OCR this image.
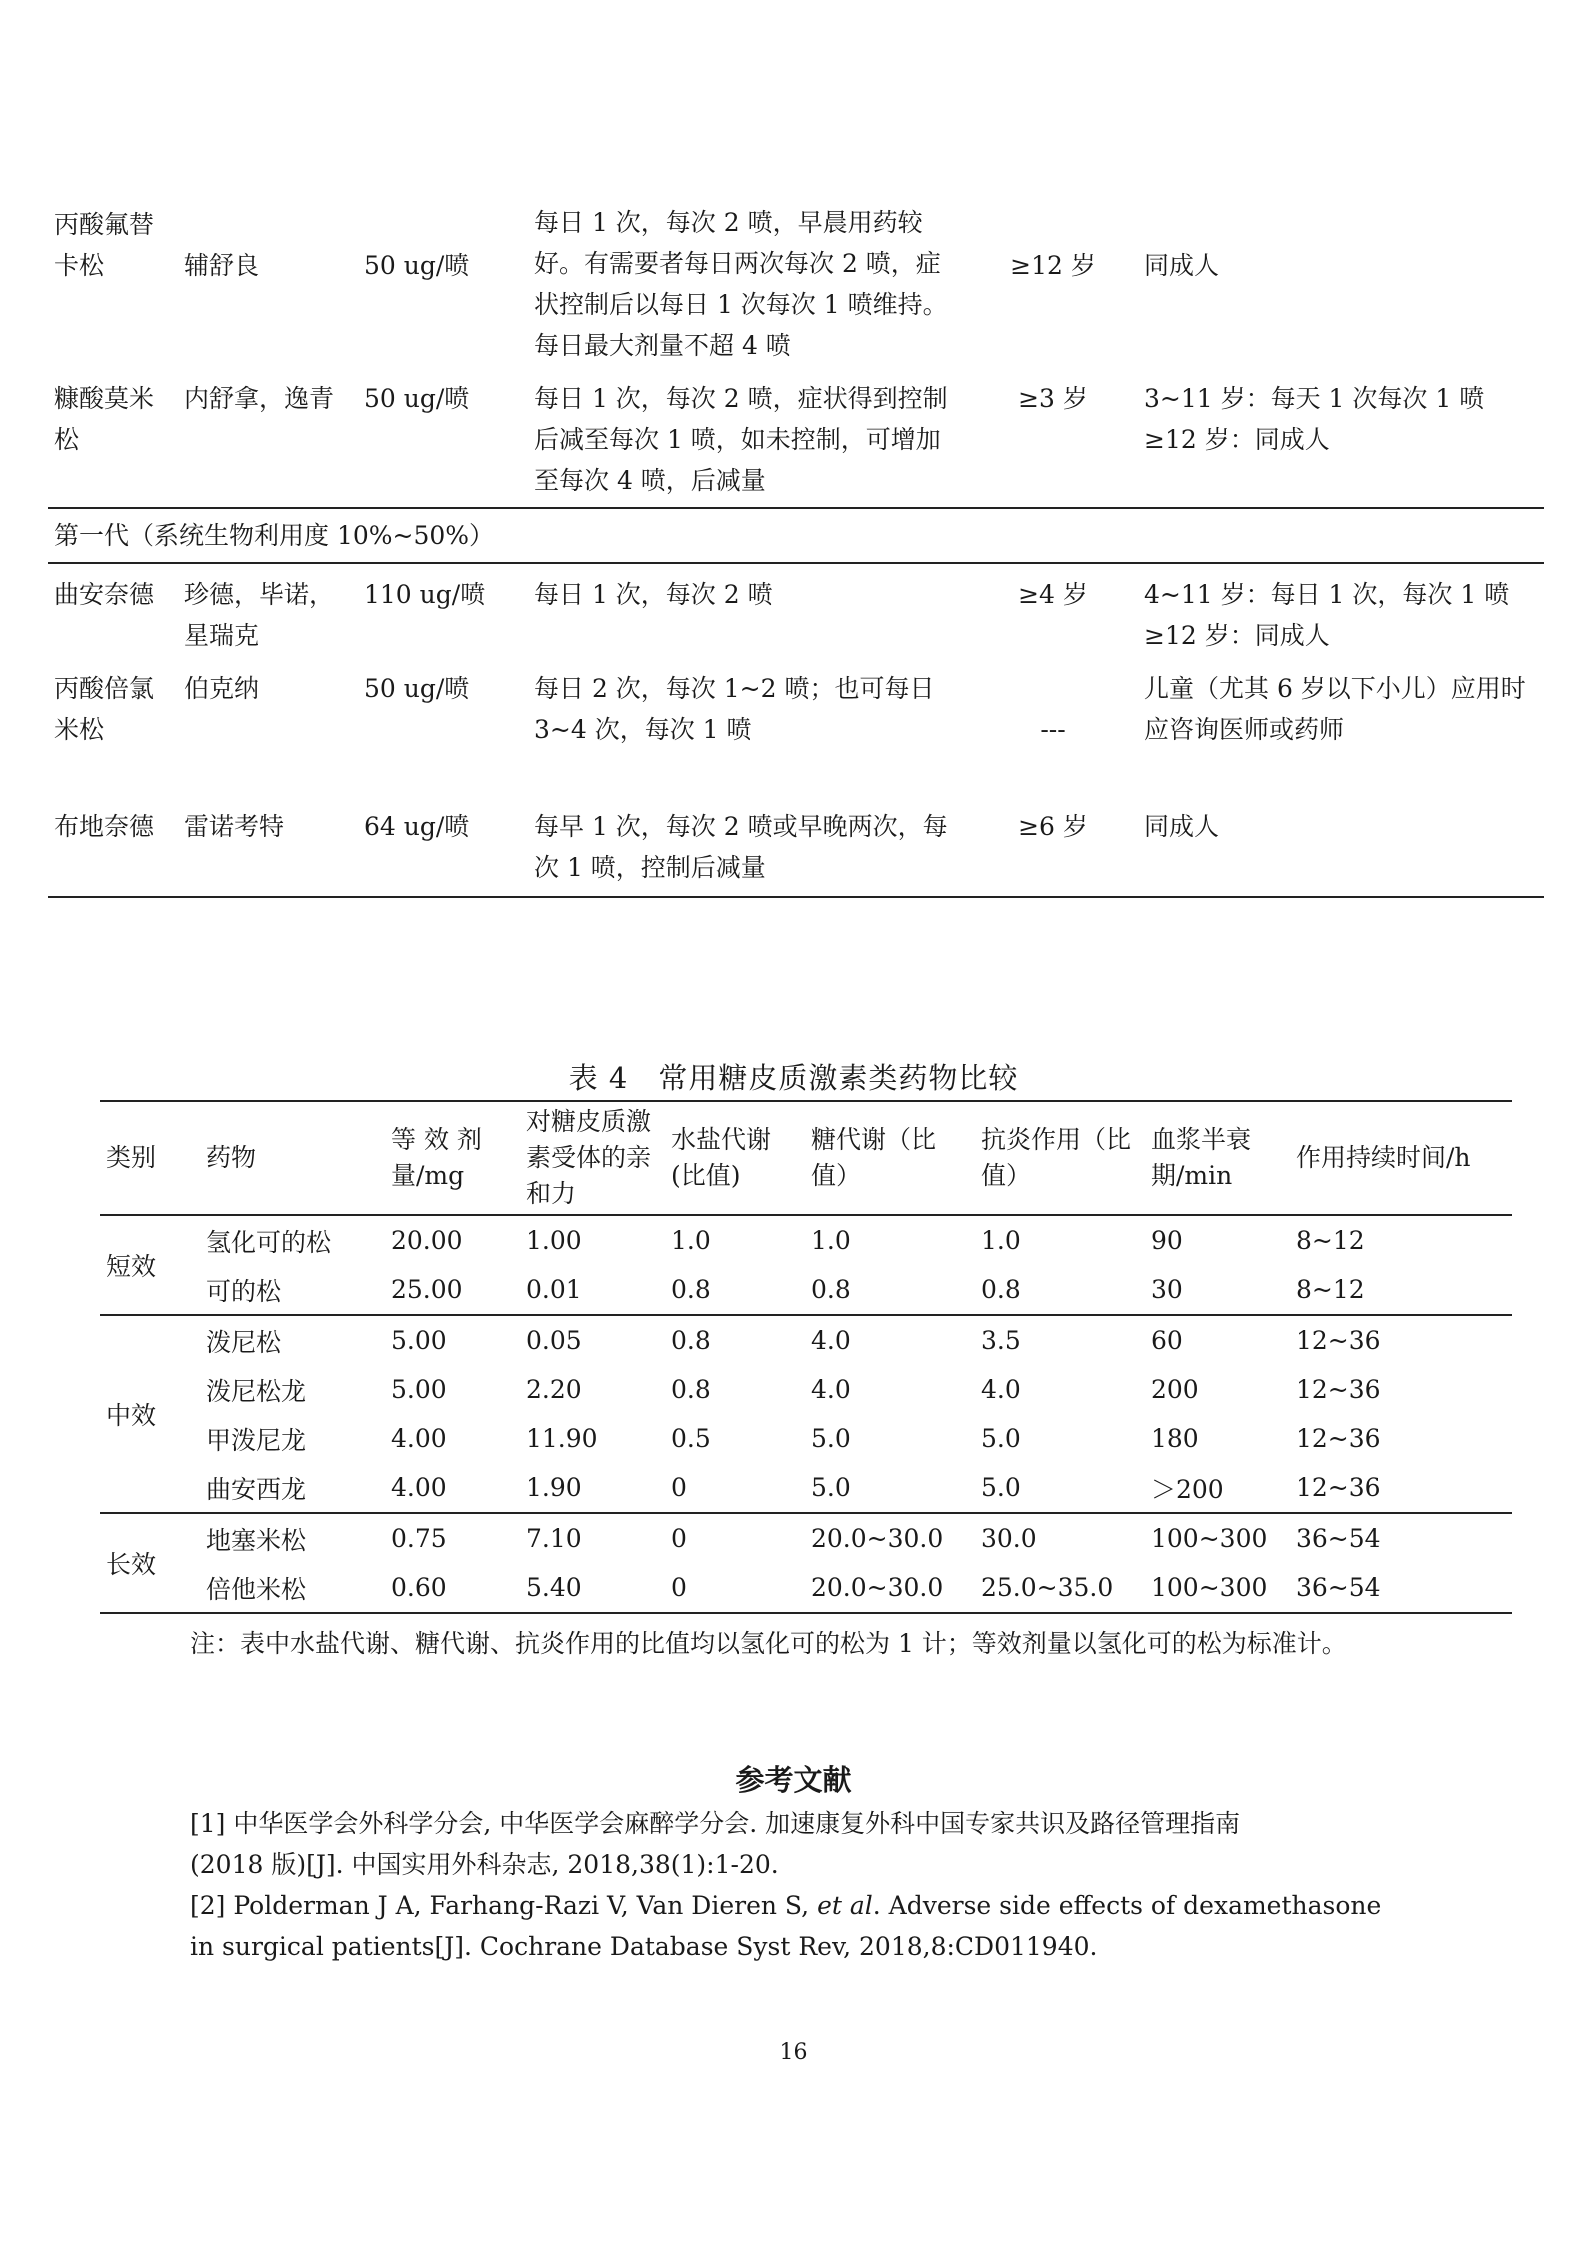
丙酸氟替卡松	辅舒良	50 ug/喷	每日 1 次，每次 2 喷，早晨用药较好。有需要者每日两次每次 2 喷，症状控制后以每日 1 次每次 1 喷维持。每日最大剂量不超 4 喷	≥12 岁	同成人
糠酸莫米松	内舒拿，逸青	50 ug/喷	每日 1 次，每次 2 喷，症状得到控制后减至每次 1 喷，如未控制，可增加至每次 4 喷，后减量	≥3 岁	3~11 岁：每天 1 次每次 1 喷
≥12 岁：同成人

第一代（系统生物利用度 10%~50%）					
曲安奈德	珍德，毕诺，星瑞克	110 ug/喷	每日 1 次，每次 2 喷	≥4 岁	4~11 岁：每日 1 次，每次 1 喷
≥12 岁：同成人

丙酸倍氯米松	伯克纳	50 ug/喷	每日 2 次，每次 1~2 喷；也可每日 3~4 次，每次 1 喷	---	儿童（尤其 6 岁以下小儿）应用时应咨询医师或药师
布地奈德	雷诺考特	64 ug/喷	每早 1 次，每次 2 喷或早晚两次，每次 1 喷，控制后减量	≥6 岁	同成人
表 4　常用糖皮质激素类药物比较
类别	药物	等 效 剂量/mg	对糖皮质激素受体的亲和力	水盐代谢(比值)	糖代谢（比值）	抗炎作用（比值）	血浆半衰期/min	作用持续时间/h
短效	氢化可的松	20.00	1.00	1.0	1.0	1.0	90	8~12
	可的松	25.00	0.01	0.8	0.8	0.8	30	8~12
中效	泼尼松	5.00	0.05	0.8	4.0	3.5	60	12~36
	泼尼松龙	5.00	2.20	0.8	4.0	4.0	200	12~36
	甲泼尼龙	4.00	11.90	0.5	5.0	5.0	180	12~36
	曲安西龙	4.00	1.90	0	5.0	5.0	＞200	12~36
长效	地塞米松	0.75	7.10	0	20.0~30.0	30.0	100~300	36~54
	倍他米松	0.60	5.40	0	20.0~30.0	25.0~35.0	100~300	36~54
注：表中水盐代谢、糖代谢、抗炎作用的比值均以氢化可的松为 1 计；等效剂量以氢化可的松为标准计。
参考文献
[1] 中华医学会外科学分会, 中华医学会麻醉学分会. 加速康复外科中国专家共识及路径管理指南
(2018 版)[J]. 中国实用外科杂志, 2018,38(1):1-20.
[2] Polderman J A, Farhang-Razi V, Van Dieren S, et al. Adverse side effects of dexamethasone
in surgical patients[J]. Cochrane Database Syst Rev, 2018,8:CD011940.
16
